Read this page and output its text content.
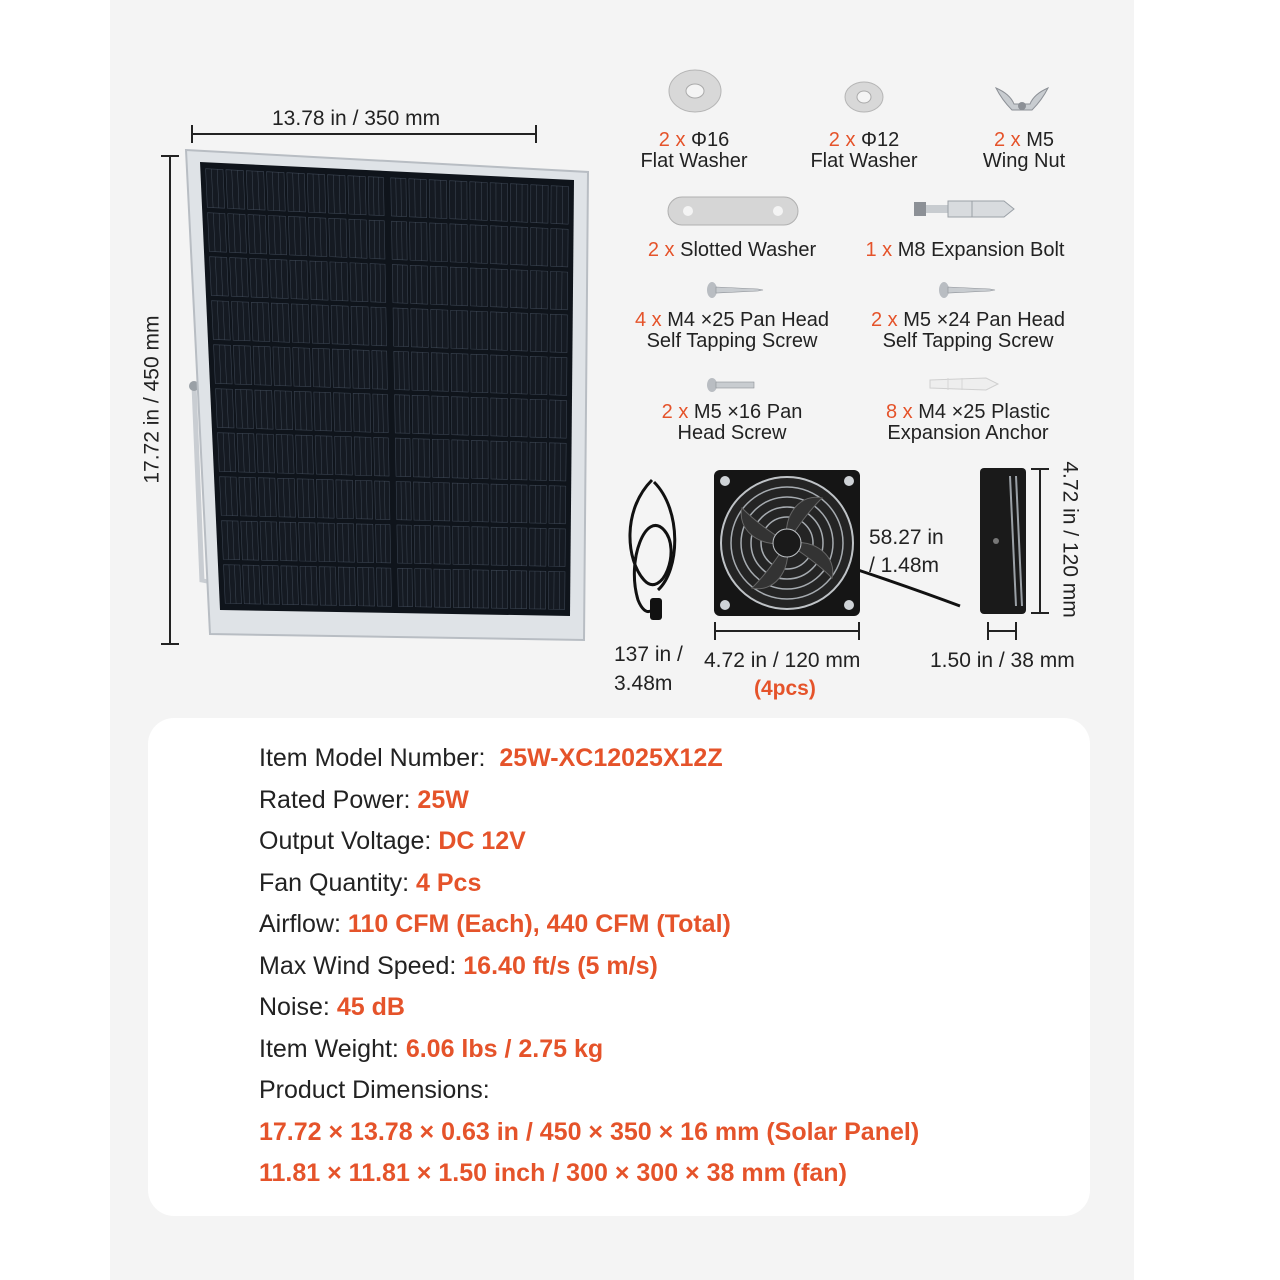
13.78 in / 350 mm
17.72 in / 450 mm
2 x Φ16
Flat Washer
2 x Φ12
Flat Washer
2 x M5
Wing Nut
2 x Slotted Washer	1 x M8 Expansion Bolt
4 x M4 ×25 Pan Head
Self Tapping Screw
2 x M5 ×24 Pan Head
Self Tapping Screw
2 x M5 ×16 Pan
Head Screw
8 x M4 ×25 Plastic
Expansion Anchor
137 in /
3.48m
58.27 in
/ 1.48m
4.72 in / 120 mm
(4pcs)
4.72 in / 120 mm
1.50 in / 38 mm
Item Model Number: 25W-XC12025X12Z
Rated Power: 25W
Output Voltage: DC 12V
Fan Quantity: 4 Pcs
Airflow: 110 CFM (Each), 440 CFM (Total)
Max Wind Speed: 16.40 ft/s (5 m/s)
Noise: 45 dB
Item Weight: 6.06 lbs / 2.75 kg
Product Dimensions:
17.72 × 13.78 × 0.63 in / 450 × 350 × 16 mm (Solar Panel)
11.81 × 11.81 × 1.50 inch / 300 × 300 × 38 mm (fan)
